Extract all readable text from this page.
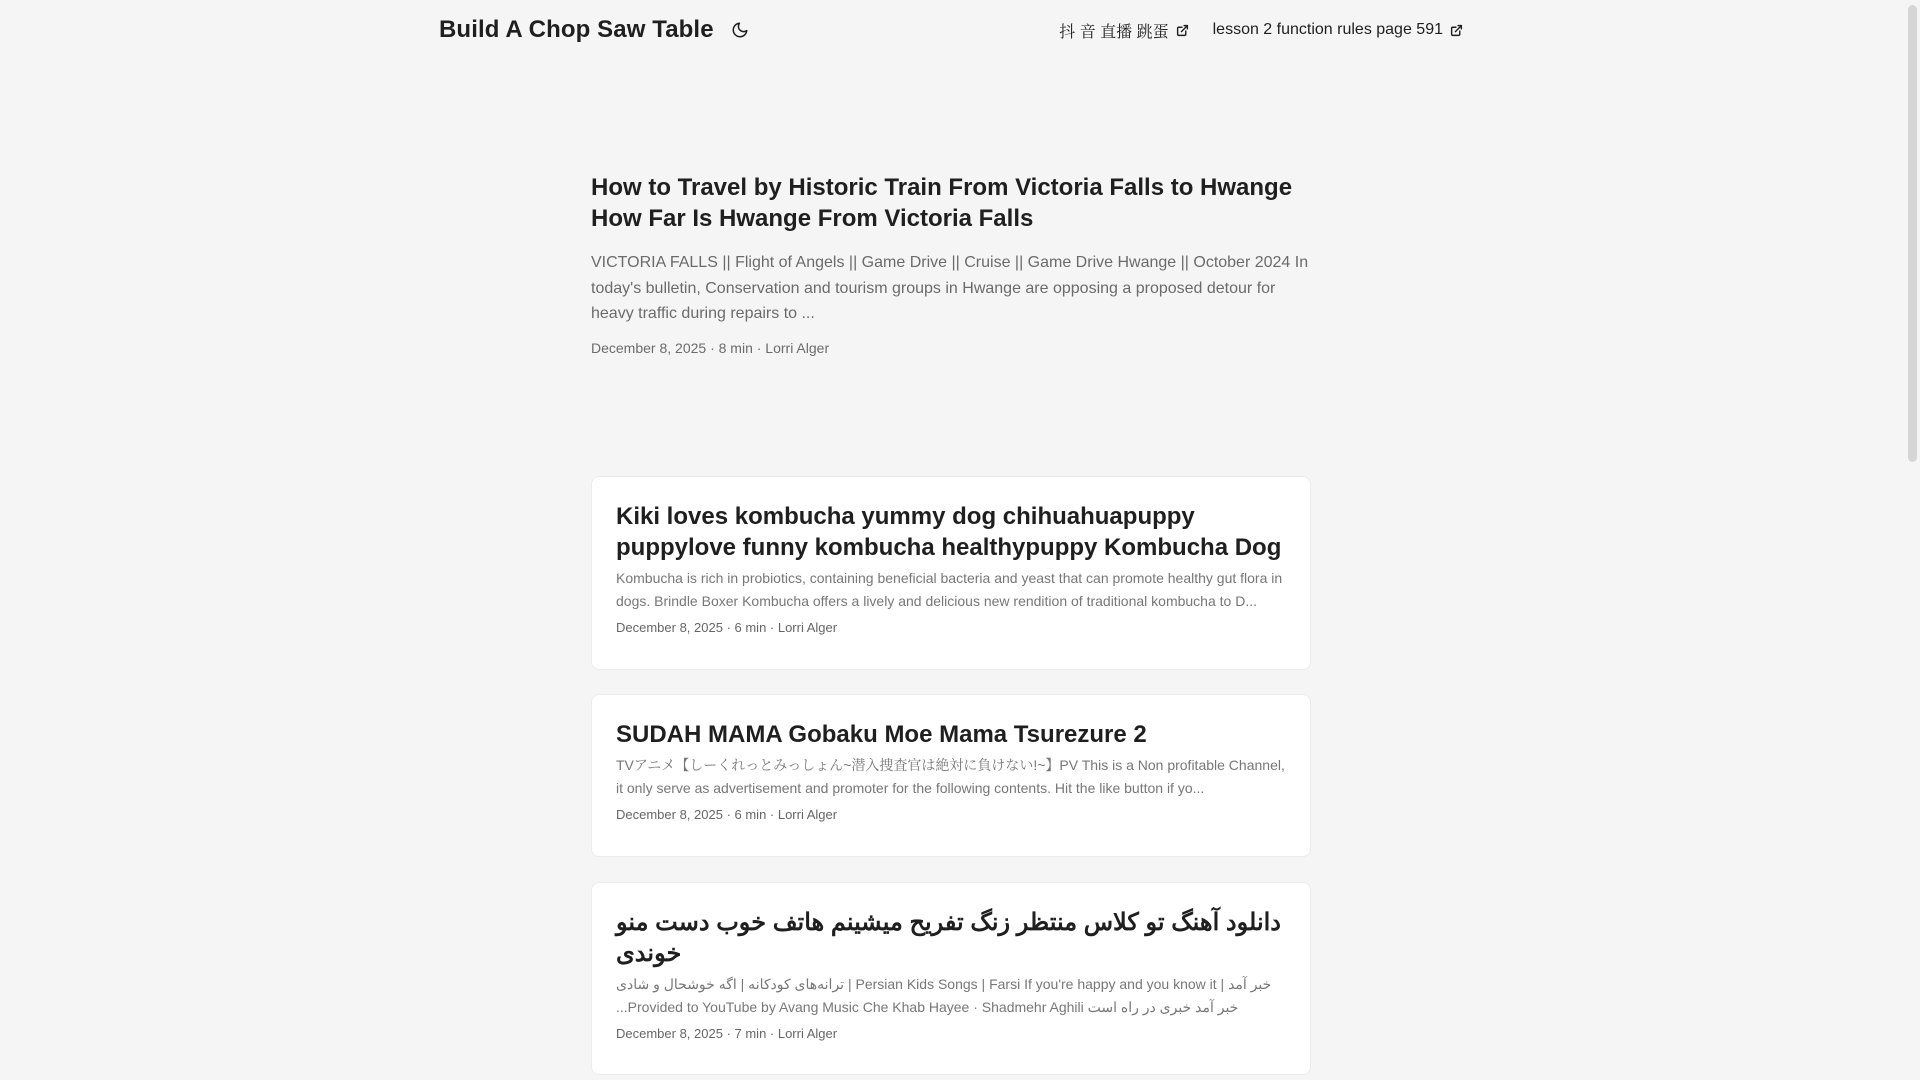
Build A Chop Saw Table	抖 音 直播 跳蛋	lesson 2 function rules page 591
How to Travel by Historic Train From Victoria Falls to Hwange How Far Is Hwange From Victoria Falls

VICTORIA FALLS || Flight of Angels || Game Drive || Cruise || Game Drive Hwange || October 2024 In today's bulletin, Conservation and tourism groups in Hwange are opposing a proposed detour for heavy traffic during repairs to ...

December 8, 2025 · 8 min · Lorri Alger
Kiki loves kombucha yummy dog chihuahuapuppy puppylove funny kombucha healthypuppy Kombucha Dog

Kombucha is rich in probiotics, containing beneficial bacteria and yeast that can promote healthy gut flora in dogs. Brindle Boxer Kombucha offers a lively and delicious new rendition of traditional kombucha to D...

December 8, 2025 · 6 min · Lorri Alger
SUDAH MAMA Gobaku Moe Mama Tsurezure 2

TVアニメ【しーくれっとみっしょん~潜入捜査官は絶対に負けない!~】PV This is a Non profitable Channel, it only serve as advertisement and promoter for the following contents. Hit the like button if yo...

December 8, 2025 · 6 min · Lorri Alger
دانلود آهنگ تو کلاس منتظر زنگ تفریح میشینم هاتف خوب دست منو خوندی

خبر آمد | Persian Kids Songs | Farsi If you're happy and you know it | ترانه‌های کودکانه | اگه خوشحال و شادی خبر آمد خبری در راه است Provided to YouTube by Avang Music Che Khab Hayee · Shadmehr Aghili...

December 8, 2025 · 7 min · Lorri Alger
